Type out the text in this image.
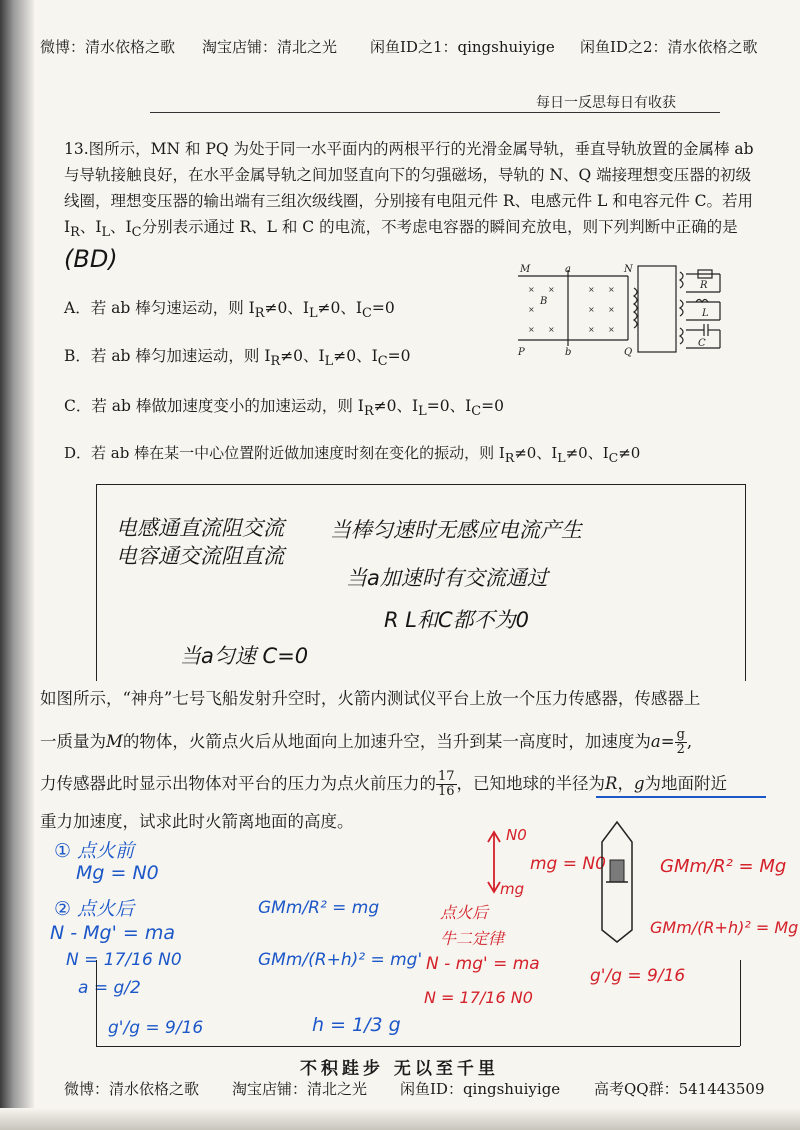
微博：清水依格之歌 淘宝店铺：清北之光 闲鱼ID之1：qingshuiyige 闲鱼ID之2：清水依格之歌
每日一反思每日有收获
13.图所示，MN 和 PQ 为处于同一水平面内的两根平行的光滑金属导轨，垂直导轨放置的金属棒 ab 与导轨接触良好，在水平金属导轨之间加竖直向下的匀强磁场，导轨的 N、Q 端接理想变压器的初级线圈，理想变压器的输出端有三组次级线圈，分别接有电阻元件 R、电感元件 L 和电容元件 C。若用 $I_R$、$I_L$、$I_C$分别表示通过 R、L 和 C 的电流，不考虑电容器的瞬间充放电，则下列判断中正确的是 (BD)	M	a	N
B
P	b	Q
R
L
C
× ×	× ×
×	× ×
× ×	× ×
A．若 ab 棒匀速运动，则 $I_R\ne 0$、$I_L\ne 0$、$I_C=0$
B．若 ab 棒匀加速运动，则 $I_R\ne 0$、$I_L\ne 0$、$I_C=0$
C．若 ab 棒做加速度变小的加速运动，则 $I_R\ne 0$、$I_L=0$、$I_C=0$
D．若 ab 棒在某一中心位置附近做加速度时刻在变化的振动，则 $I_R\ne 0$、$I_L\ne 0$、$I_C\ne 0$
电感通直流阻交流
电容通交流阻直流
当棒匀速时无感应电流产生
当a加速时有交流通过
R L和C都不为0
当a匀速 C=0
如图所示，“神舟”七号飞船发射升空时，火箭内测试仪平台上放一个压力传感器，传感器上
一质量为M的物体，火箭点火后从地面向上加速升空，当升到某一高度时，加速度为$a= \frac{g}{2}$ ,
力传感器此时显示出物体对平台的压力为点火前压力的 $\frac{17}{16}$ ，已知地球的半径为R，g为地面附近
重力加速度，试求此时火箭离地面的高度。
① 点火前
Mg = N0
② 点火后
N - Mg' = ma
N = 17/16 N0
a = g/2
GMm/R² = mg
GMm/(R+h)² = mg'
g'/g = 9/16	h = 1/3 g
N0
mg = N0
mg
点火后
牛二定律
N - mg' = ma
N = 17/16 N0
GMm/R² = Mg
GMm/(R+h)² = Mg
g'/g = 9/16
不积跬步 无以至千里
微博：清水依格之歌 淘宝店铺：清北之光 闲鱼ID：qingshuiyige 高考QQ群：541443509
